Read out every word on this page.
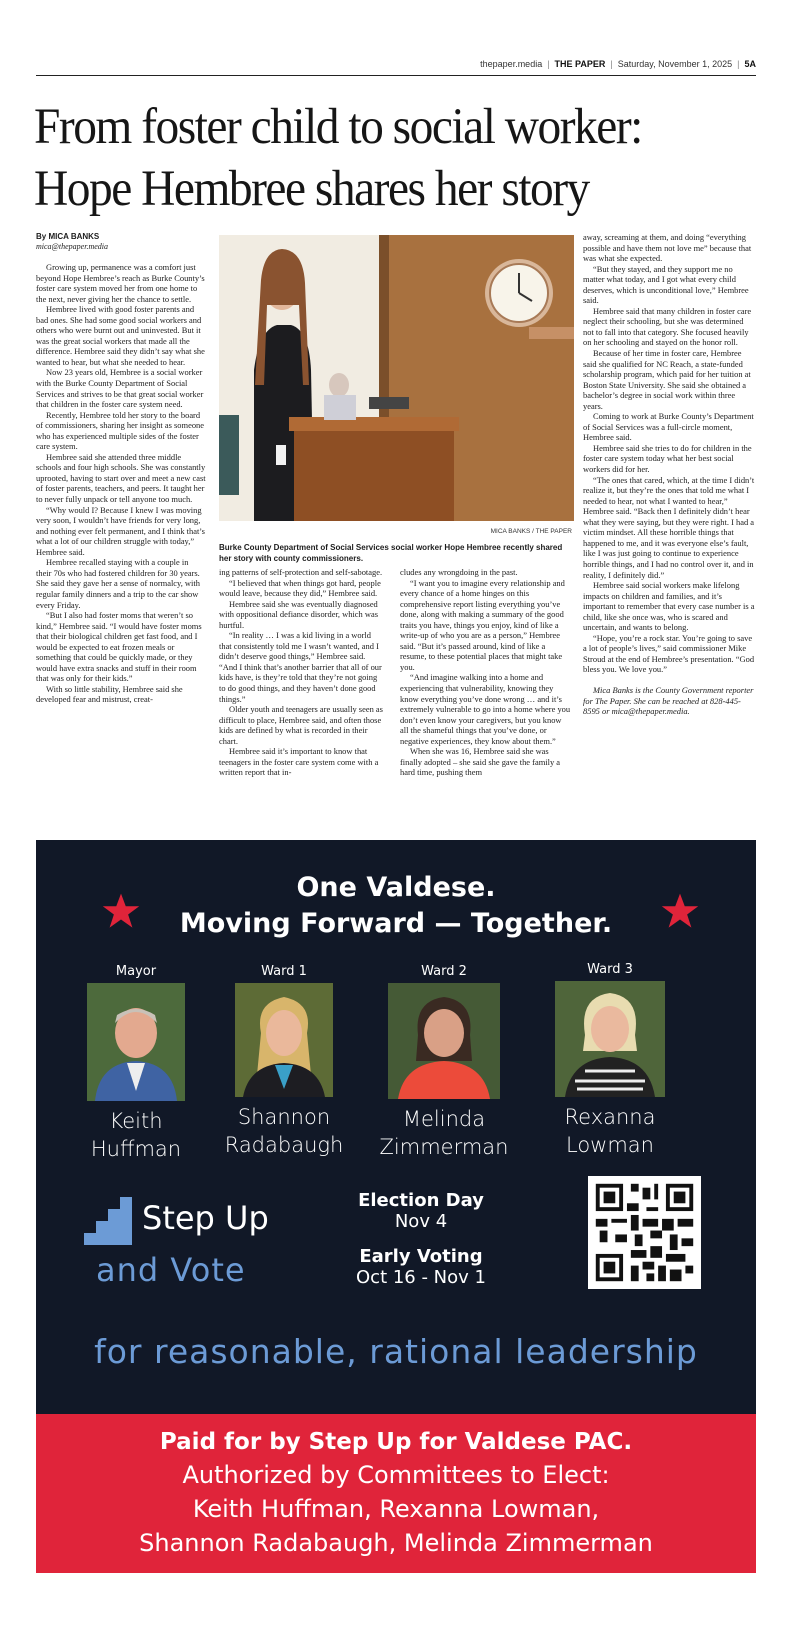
thepaper.media | THE PAPER | Saturday, November 1, 2025 | 5A
From foster child to social worker:
Hope Hembree shares her story
By MICA BANKS
mica@thepaper.media

Growing up, permanence was a comfort just beyond Hope Hembree’s reach as Burke County’s foster care system moved her from one home to the next, never giving her the chance to settle.

Hembree lived with good foster parents and bad ones. She had some good social workers and others who were burnt out and uninvested. But it was the great social workers that made all the difference. Hembree said they didn’t say what she wanted to hear, but what she needed to hear.

Now 23 years old, Hembree is a social worker with the Burke County Department of Social Services and strives to be that great social worker that children in the foster care system need.

Recently, Hembree told her story to the board of commissioners, sharing her insight as someone who has experienced multiple sides of the foster care system.

Hembree said she attended three middle schools and four high schools. She was constantly uprooted, having to start over and meet a new cast of foster parents, teachers, and peers. It taught her to never fully unpack or tell anyone too much.

“Why would I? Because I knew I was moving very soon, I wouldn’t have friends for very long, and nothing ever felt permanent, and I think that’s what a lot of our children struggle with today,” Hembree said.

Hembree recalled staying with a couple in their 70s who had fostered children for 30 years. She said they gave her a sense of normalcy, with regular family dinners and a trip to the car show every Friday.

“But I also had foster moms that weren’t so kind,” Hembree said. “I would have foster moms that their biological children get fast food, and I would be expected to eat frozen meals or something that could be quickly made, or they would have extra snacks and stuff in their room that was only for their kids.”

With so little stability, Hembree said she developed fear and mistrust, creat-

MICA BANKS / THE PAPER
Burke County Department of Social Services social worker Hope Hembree recently shared her story with county commissioners.

ing patterns of self-protection and self-sabotage.

“I believed that when things got hard, people would leave, because they did,” Hembree said.

Hembree said she was eventually diagnosed with oppositional defiance disorder, which was hurtful.

“In reality … I was a kid living in a world that consistently told me I wasn’t wanted, and I didn’t deserve good things,” Hembree said. “And I think that’s another barrier that all of our kids have, is they’re told that they’re not going to do good things, and they haven’t done good things.”

Older youth and teenagers are usually seen as difficult to place, Hembree said, and often those kids are defined by what is recorded in their chart.

Hembree said it’s important to know that teenagers in the foster care system come with a written report that in-

cludes any wrongdoing in the past.

“I want you to imagine every relationship and every chance of a home hinges on this comprehensive report listing everything you’ve done, along with making a summary of the good traits you have, things you enjoy, kind of like a write-up of who you are as a person,” Hembree said. “But it’s passed around, kind of like a resume, to these potential places that might take you.

“And imagine walking into a home and experiencing that vulnerability, knowing they know everything you’ve done wrong … and it’s extremely vulnerable to go into a home where you don’t even know your caregivers, but you know all the shameful things that you’ve done, or negative experiences, they know about them.”

When she was 16, Hembree said she was finally adopted – she said she gave the family a hard time, pushing them

away, screaming at them, and doing “everything possible and have them not love me” because that was what she expected.

“But they stayed, and they support me no matter what today, and I got what every child deserves, which is unconditional love,” Hembree said.

Hembree said that many children in foster care neglect their schooling, but she was determined not to fall into that category. She focused heavily on her schooling and stayed on the honor roll.

Because of her time in foster care, Hembree said she qualified for NC Reach, a state-funded scholarship program, which paid for her tuition at Boston State University. She said she obtained a bachelor’s degree in social work within three years.

Coming to work at Burke County’s Department of Social Services was a full-circle moment, Hembree said.

Hembree said she tries to do for children in the foster care system today what her best social workers did for her.

“The ones that cared, which, at the time I didn’t realize it, but they’re the ones that told me what I needed to hear, not what I wanted to hear,” Hembree said. “Back then I definitely didn’t hear what they were saying, but they were right. I had a victim mindset. All these horrible things that happened to me, and it was everyone else’s fault, like I was just going to continue to experience horrible things, and I had no control over it, and in reality, I definitely did.”

Hembree said social workers make lifelong impacts on children and families, and it’s important to remember that every case number is a child, like she once was, who is scared and uncertain, and wants to belong.

“Hope, you’re a rock star. You’re going to save a lot of people’s lives,” said commissioner Mike Stroud at the end of Hembree’s presentation. “God bless you. We love you.”

Mica Banks is the County Government reporter for The Paper. She can be reached at 828-445-8595 or mica@thepaper.media.

One Valdese.
Moving Forward — Together.
Mayor
Keith
Huffman
Ward 1
Shannon
Radabaugh
Ward 2
Melinda
Zimmerman
Ward 3
Rexanna
Lowman
Step Up
and Vote
Election Day
Nov 4
Early Voting
Oct 16 - Nov 1
for reasonable, rational leadership
Paid for by Step Up for Valdese PAC.
Authorized by Committees to Elect:
Keith Huffman, Rexanna Lowman,
Shannon Radabaugh, Melinda Zimmerman
